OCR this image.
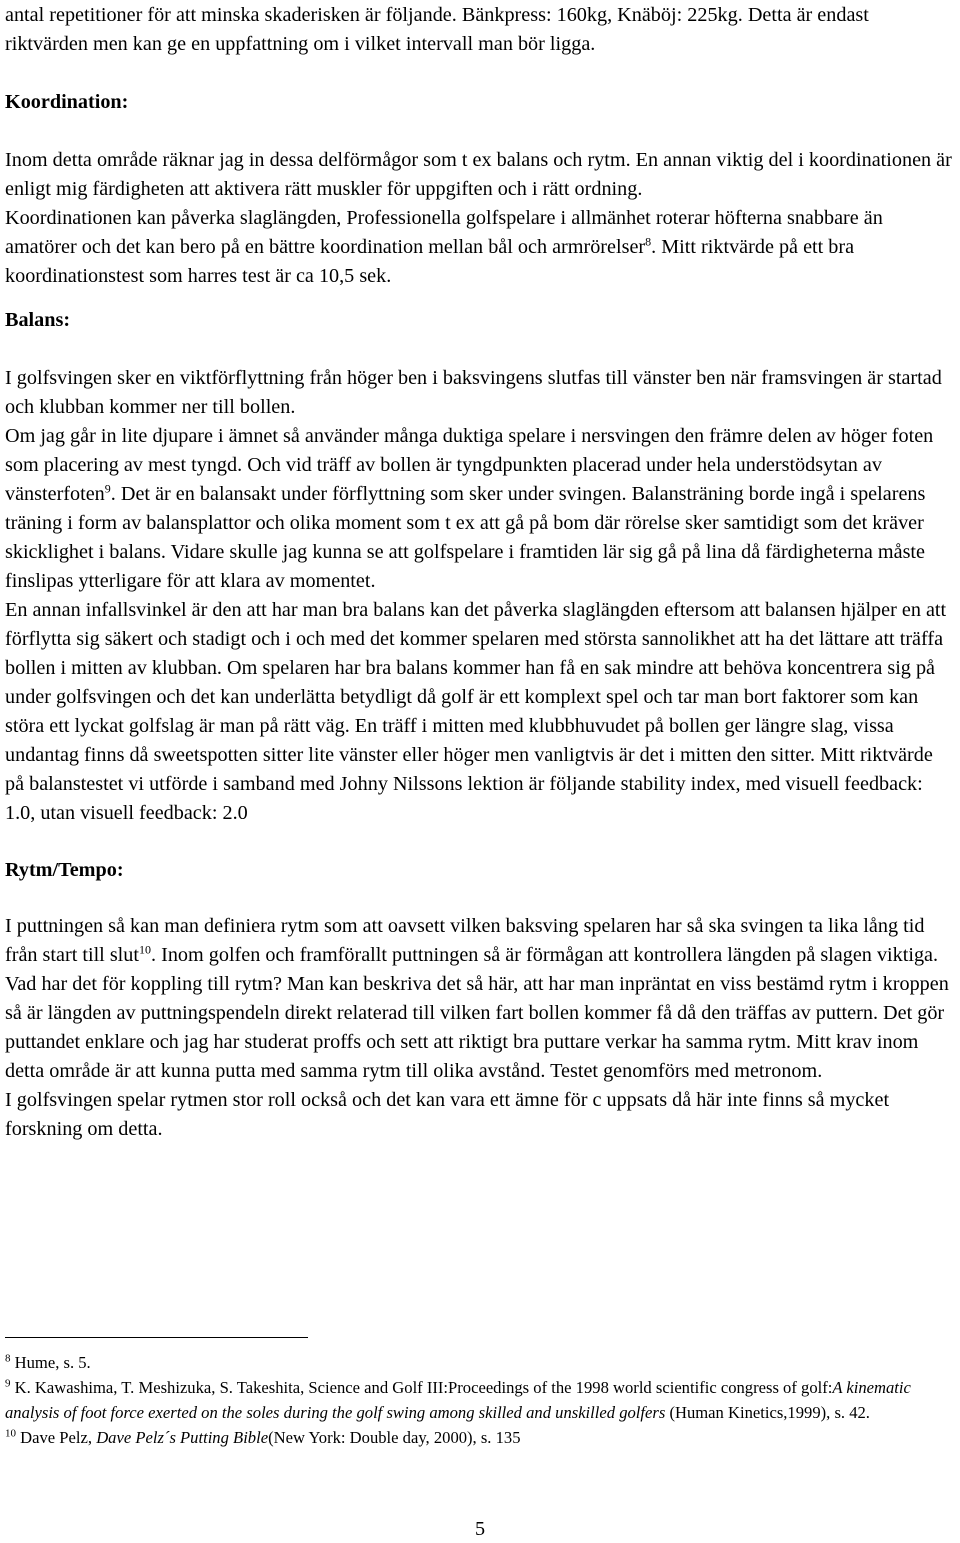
antal repetitioner för att minska skaderisken är följande. Bänkpress: 160kg, Knäböj: 225kg. Detta är endast riktvärden men kan ge en uppfattning om i vilket intervall man bör ligga.

Koordination:

Inom detta område räknar jag in dessa delförmågor som t ex balans och rytm. En annan viktig del i koordinationen är enligt mig färdigheten att aktivera rätt muskler för uppgiften och i rätt ordning.

Koordinationen kan påverka slaglängden, Professionella golfspelare i allmänhet roterar höfterna snabbare än amatörer och det kan bero på en bättre koordination mellan bål och armrörelser$^8$. Mitt riktvärde på ett bra koordinationstest som harres test är ca 10,5 sek.

Balans:

I golfsvingen sker en viktförflyttning från höger ben i baksvingens slutfas till vänster ben när framsvingen är startad och klubban kommer ner till bollen.

Om jag går in lite djupare i ämnet så använder många duktiga spelare i nersvingen den främre delen av höger foten som placering av mest tyngd. Och vid träff av bollen är tyngdpunkten placerad under hela understödsytan av vänsterfoten$^9$. Det är en balansakt under förflyttning som sker under svingen. Balansträning borde ingå i spelarens träning i form av balansplattor och olika moment som t ex att gå på bom där rörelse sker samtidigt som det kräver skicklighet i balans. Vidare skulle jag kunna se att golfspelare i framtiden lär sig gå på lina då färdigheterna måste finslipas ytterligare för att klara av momentet.

En annan infallsvinkel är den att har man bra balans kan det påverka slaglängden eftersom att balansen hjälper en att förflytta sig säkert och stadigt och i och med det kommer spelaren med största sannolikhet att ha det lättare att träffa bollen i mitten av klubban. Om spelaren har bra balans kommer han få en sak mindre att behöva koncentrera sig på under golfsvingen och det kan underlätta betydligt då golf är ett komplext spel och tar man bort faktorer som kan störa ett lyckat golfslag är man på rätt väg. En träff i mitten med klubbhuvudet på bollen ger längre slag, vissa undantag finns då sweetspotten sitter lite vänster eller höger men vanligtvis är det i mitten den sitter. Mitt riktvärde på balanstestet vi utförde i samband med Johny Nilssons lektion är följande stability index, med visuell feedback: 1.0, utan visuell feedback: 2.0

Rytm/Tempo:

I puttningen så kan man definiera rytm som att oavsett vilken baksving spelaren har så ska svingen ta lika lång tid från start till slut$^{10}$. Inom golfen och framförallt puttningen så är förmågan att kontrollera längden på slagen viktiga. Vad har det för koppling till rytm? Man kan beskriva det så här, att har man inpräntat en viss bestämd rytm i kroppen så är längden av puttningspendeln direkt relaterad till vilken fart bollen kommer få då den träffas av puttern. Det gör puttandet enklare och jag har studerat proffs och sett att riktigt bra puttare verkar ha samma rytm. Mitt krav inom detta område är att kunna putta med samma rytm till olika avstånd. Testet genomförs med metronom.

I golfsvingen spelar rytmen stor roll också och det kan vara ett ämne för c uppsats då här inte finns så mycket forskning om detta.

$^8$ Hume, s. 5.

$^9$ K. Kawashima, T. Meshizuka, S. Takeshita, Science and Golf III:Proceedings of the 1998 world scientific congress of golf:A kinematic analysis of foot force exerted on the soles during the golf swing among skilled and unskilled golfers (Human Kinetics,1999), s. 42.

$^{10}$ Dave Pelz, Dave Pelz´s Putting Bible(New York: Double day, 2000), s. 135

5
